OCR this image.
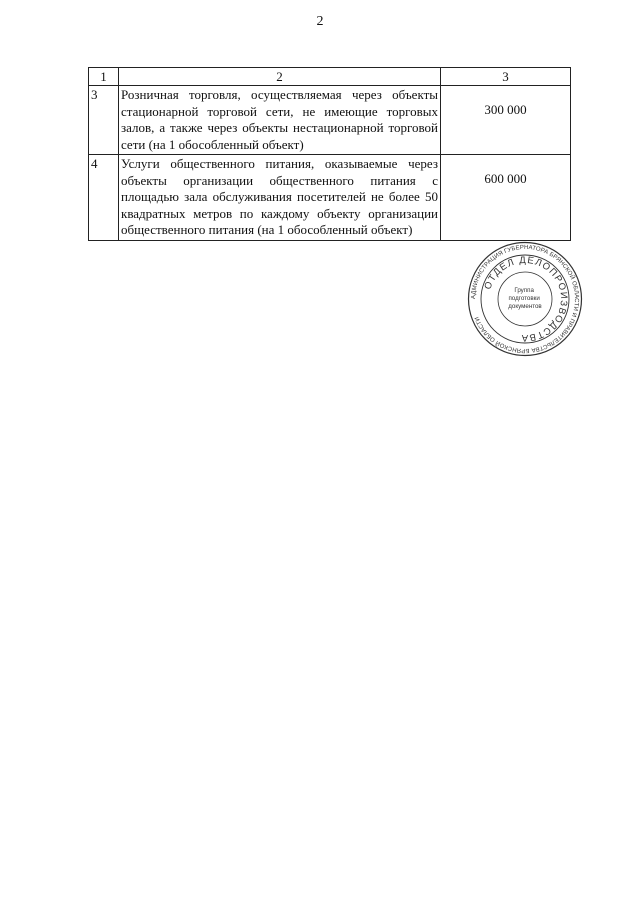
2
1	2	3
3	Розничная торговля, осуществляемая через объекты стационарной торговой сети, не имеющие торговых залов, а также через объекты нестационарной торговой сети (на 1 обособленный объект)	300 000
4	Услуги общественного питания, оказываемые через объекты организации общественного питания с площадью зала обслуживания посетителей не более 50 квадратных метров по каждому объекту организации общественного питания (на 1 обособленный объект)	600 000
АДМИНИСТРАЦИЯ ГУБЕРНАТОРА БРЯНСКОЙ ОБЛАСТИ И ПРАВИТЕЛЬСТВА БРЯНСКОЙ ОБЛАСТИ
ОТДЕЛ ДЕЛОПРОИЗВОДСТВА
Группа подготовки документов
